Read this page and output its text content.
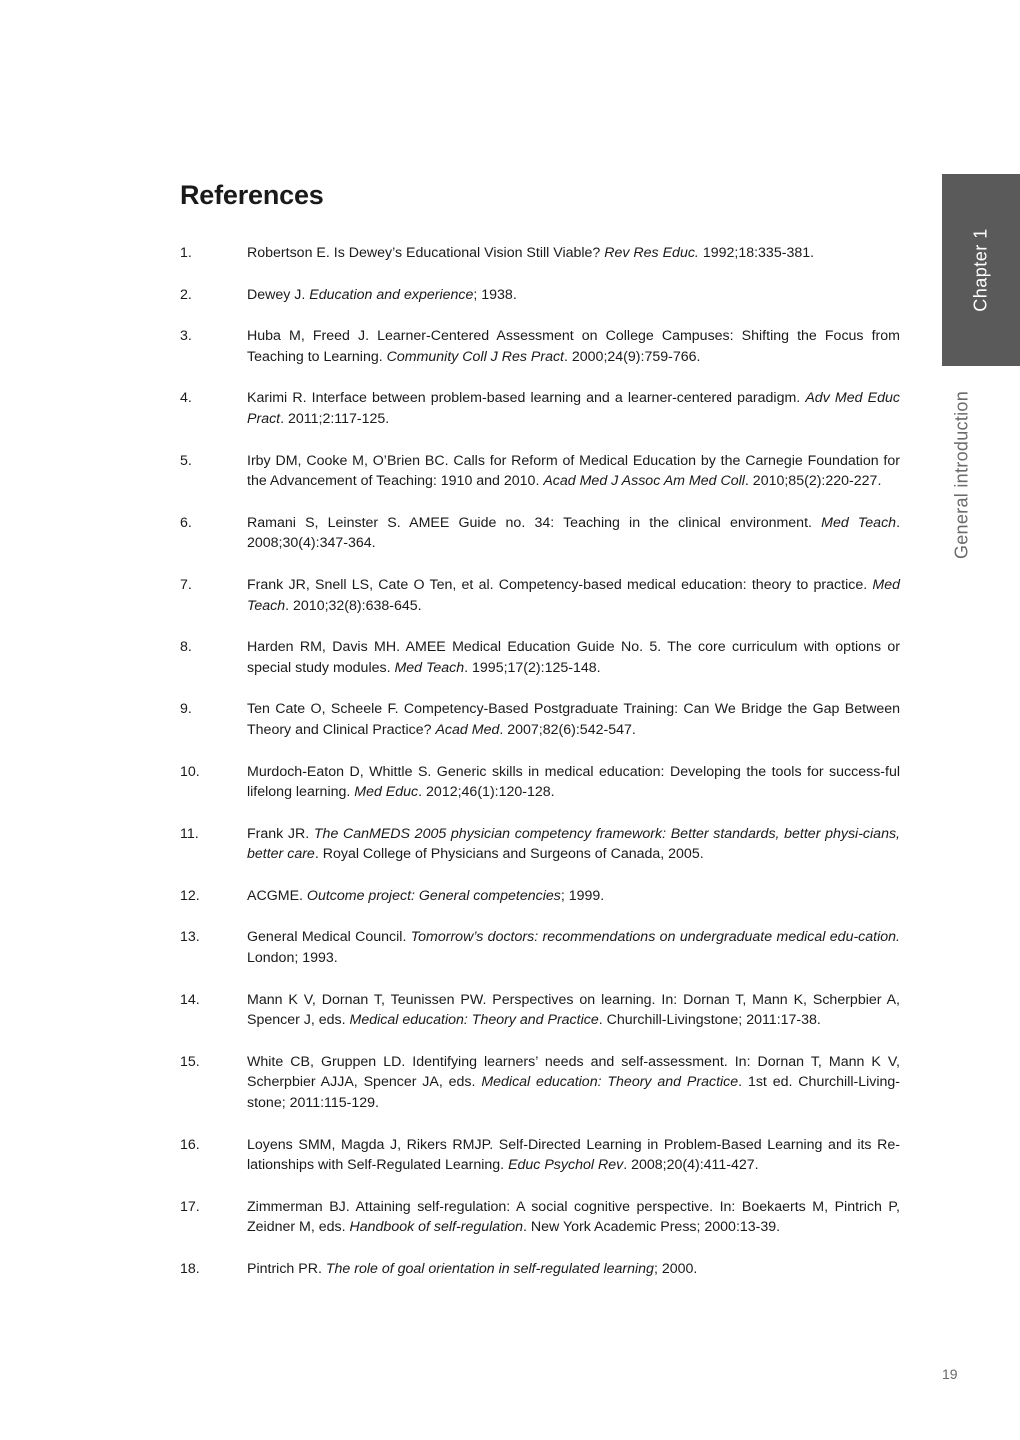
References
1.	Robertson E. Is Dewey’s Educational Vision Still Viable? Rev Res Educ. 1992;18:335-381.
2.	Dewey J. Education and experience; 1938.
3.	Huba M, Freed J. Learner-Centered Assessment on College Campuses: Shifting the Focus from Teaching to Learning. Community Coll J Res Pract. 2000;24(9):759-766.
4.	Karimi R. Interface between problem-based learning and a learner-centered paradigm. Adv Med Educ Pract. 2011;2:117-125.
5.	Irby DM, Cooke M, O’Brien BC. Calls for Reform of Medical Education by the Carnegie Foundation for the Advancement of Teaching: 1910 and 2010. Acad Med J Assoc Am Med Coll. 2010;85(2):220-227.
6.	Ramani S, Leinster S. AMEE Guide no. 34: Teaching in the clinical environment. Med Teach. 2008;30(4):347-364.
7.	Frank JR, Snell LS, Cate O Ten, et al. Competency-based medical education: theory to practice. Med Teach. 2010;32(8):638-645.
8.	Harden RM, Davis MH. AMEE Medical Education Guide No. 5. The core curriculum with options or special study modules. Med Teach. 1995;17(2):125-148.
9.	Ten Cate O, Scheele F. Competency-Based Postgraduate Training: Can We Bridge the Gap Between Theory and Clinical Practice? Acad Med. 2007;82(6):542-547.
10.	Murdoch-Eaton D, Whittle S. Generic skills in medical education: Developing the tools for success-ful lifelong learning. Med Educ. 2012;46(1):120-128.
11.	Frank JR. The CanMEDS 2005 physician competency framework: Better standards, better physi-cians, better care. Royal College of Physicians and Surgeons of Canada, 2005.
12.	ACGME. Outcome project: General competencies; 1999.
13.	General Medical Council. Tomorrow’s doctors: recommendations on undergraduate medical edu-cation. London; 1993.
14.	Mann K V, Dornan T, Teunissen PW. Perspectives on learning. In: Dornan T, Mann K, Scherpbier A, Spencer J, eds. Medical education: Theory and Practice. Churchill-Livingstone; 2011:17-38.
15.	White CB, Gruppen LD. Identifying learners’ needs and self-assessment. In: Dornan T, Mann K V, Scherpbier AJJA, Spencer JA, eds. Medical education: Theory and Practice. 1st ed. Churchill-Living-stone; 2011:115-129.
16.	Loyens SMM, Magda J, Rikers RMJP. Self-Directed Learning in Problem-Based Learning and its Re-lationships with Self-Regulated Learning. Educ Psychol Rev. 2008;20(4):411-427.
17.	Zimmerman BJ. Attaining self-regulation: A social cognitive perspective. In: Boekaerts M, Pintrich P, Zeidner M, eds. Handbook of self-regulation. New York Academic Press; 2000:13-39.
18.	Pintrich PR. The role of goal orientation in self-regulated learning; 2000.
Chapter 1
General introduction
19
